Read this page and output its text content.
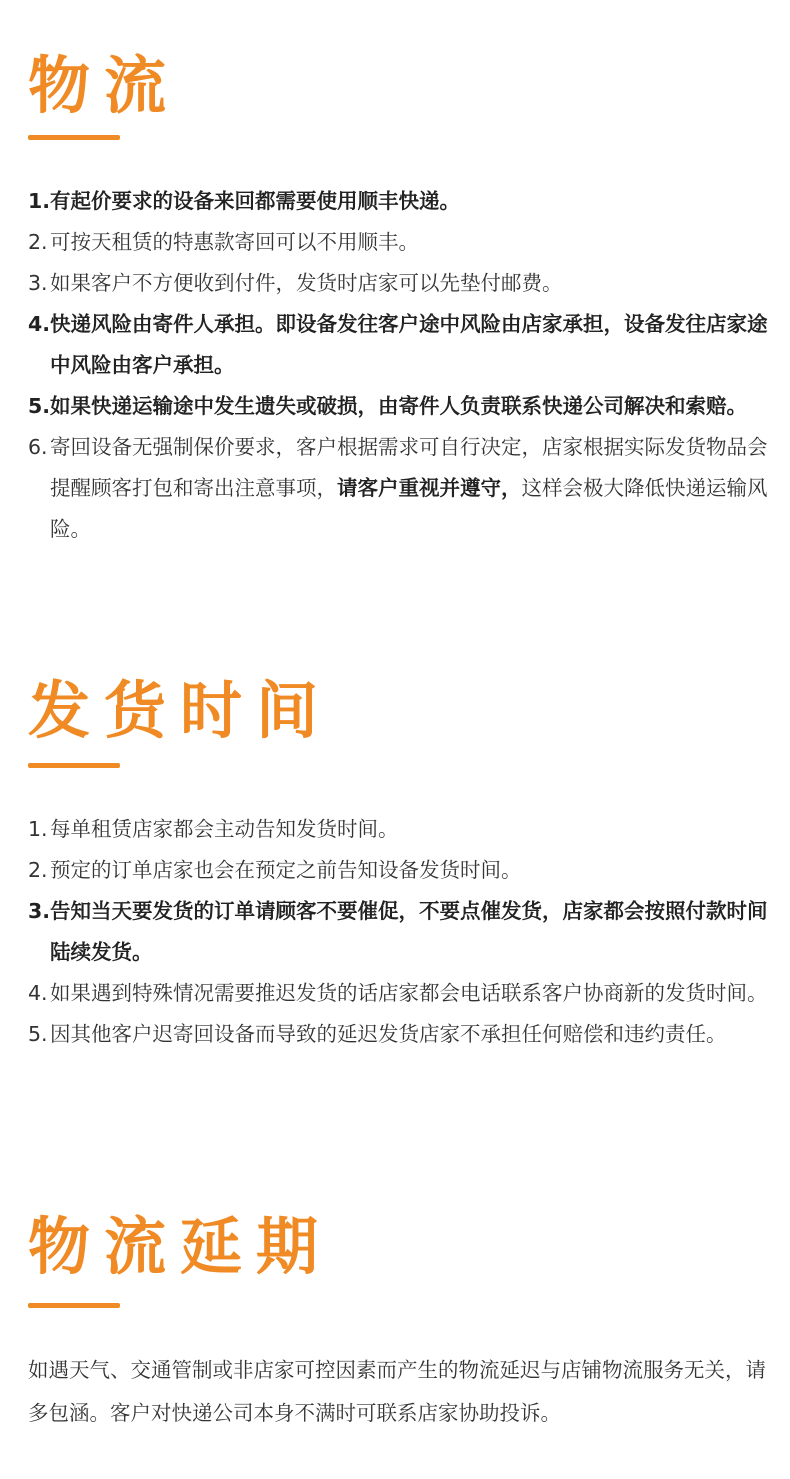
物流
1. 有起价要求的设备来回都需要使用顺丰快递。
2. 可按天租赁的特惠款寄回可以不用顺丰。
3. 如果客户不方便收到付件，发货时店家可以先垫付邮费。
4. 快递风险由寄件人承担。即设备发往客户途中风险由店家承担，设备发往店家途中风险由客户承担。
5. 如果快递运输途中发生遗失或破损，由寄件人负责联系快递公司解决和索赔。
6. 寄回设备无强制保价要求，客户根据需求可自行决定，店家根据实际发货物品会提醒顾客打包和寄出注意事项，请客户重视并遵守，这样会极大降低快递运输风险。
发货时间
1. 每单租赁店家都会主动告知发货时间。
2. 预定的订单店家也会在预定之前告知设备发货时间。
3. 告知当天要发货的订单请顾客不要催促，不要点催发货，店家都会按照付款时间陆续发货。
4. 如果遇到特殊情况需要推迟发货的话店家都会电话联系客户协商新的发货时间。
5. 因其他客户迟寄回设备而导致的延迟发货店家不承担任何赔偿和违约责任。
物流延期

如遇天气、交通管制或非店家可控因素而产生的物流延迟与店铺物流服务无关，请多包涵。客户对快递公司本身不满时可联系店家协助投诉。
